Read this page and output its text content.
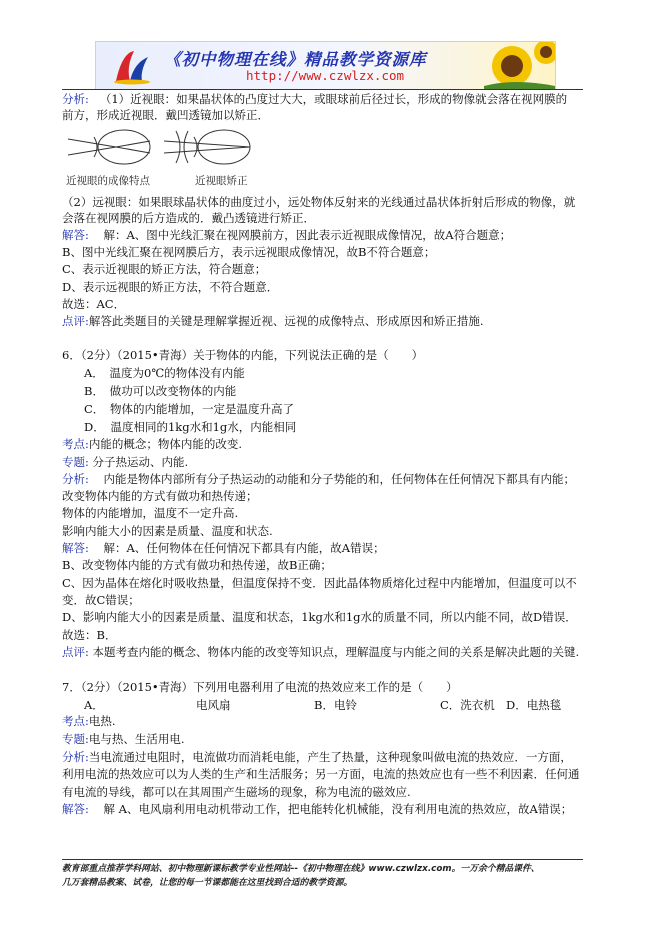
《初中物理在线》精品教学资源库
http://www.czwlzx.com
分析: （1）近视眼：如果晶状体的凸度过大大，或眼球前后径过长，形成的物像就会落在视网膜的
前方，形成近视眼．戴凹透镜加以矫正．
近视眼的成像特点	近视眼矫正
（2）远视眼：如果眼球晶状体的曲度过小，远处物体反射来的光线通过晶状体折射后形成的物像，就
会落在视网膜的后方造成的．戴凸透镜进行矫正．
解答: 解：A、图中光线汇聚在视网膜前方，因此表示近视眼成像情况，故A符合题意；
B、图中光线汇聚在视网膜后方，表示远视眼成像情况，故B不符合题意；
C、表示近视眼的矫正方法，符合题意；
D、表示远视眼的矫正方法，不符合题意．
故选：AC．
点评:解答此类题目的关键是理解掌握近视、远视的成像特点、形成原因和矫正措施.
6．（2分）（2015•青海）关于物体的内能，下列说法正确的是（　　）
A．　温度为0℃的物体没有内能
B．　做功可以改变物体的内能
C．　物体的内能增加，一定是温度升高了
D．　温度相同的1kg水和1g水，内能相同
考点:内能的概念；物体内能的改变.
专题: 分子热运动、内能.
分析: 内能是物体内部所有分子热运动的动能和分子势能的和，任何物体在任何情况下都具有内能；
改变物体内能的方式有做功和热传递；
物体的内能增加，温度不一定升高.
影响内能大小的因素是质量、温度和状态.
解答: 解：A、任何物体在任何情况下都具有内能，故A错误；
B、改变物体内能的方式有做功和热传递，故B正确；
C、因为晶体在熔化时吸收热量，但温度保持不变．因此晶体物质熔化过程中内能增加，但温度可以不
变．故C错误；
D、影响内能大小的因素是质量、温度和状态，1kg水和1g水的质量不同，所以内能不同，故D错误．
故选：B．
点评: 本题考查内能的概念、物体内能的改变等知识点，理解温度与内能之间的关系是解决此题的关键.
7．（2分）（2015•青海）下列用电器利用了电流的热效应来工作的是（　　）
A．	电风扇	B．电铃	C．洗衣机 D．电热毯
考点:电热.
专题:电与热、生活用电.
分析:当电流通过电阻时，电流做功而消耗电能，产生了热量，这种现象叫做电流的热效应．一方面，
利用电流的热效应可以为人类的生产和生活服务；另一方面，电流的热效应也有一些不利因素．任何通
有电流的导线，都可以在其周围产生磁场的现象，称为电流的磁效应.
解答: 解 A、电风扇利用电动机带动工作，把电能转化机械能，没有利用电流的热效应，故A错误；
教育部重点推荐学科网站、初中物理新课标教学专业性网站--《初中物理在线》www.czwlzx.com。一万余个精品课件、
几万套精品教案、试卷，让您的每一节课都能在这里找到合适的教学资源。
